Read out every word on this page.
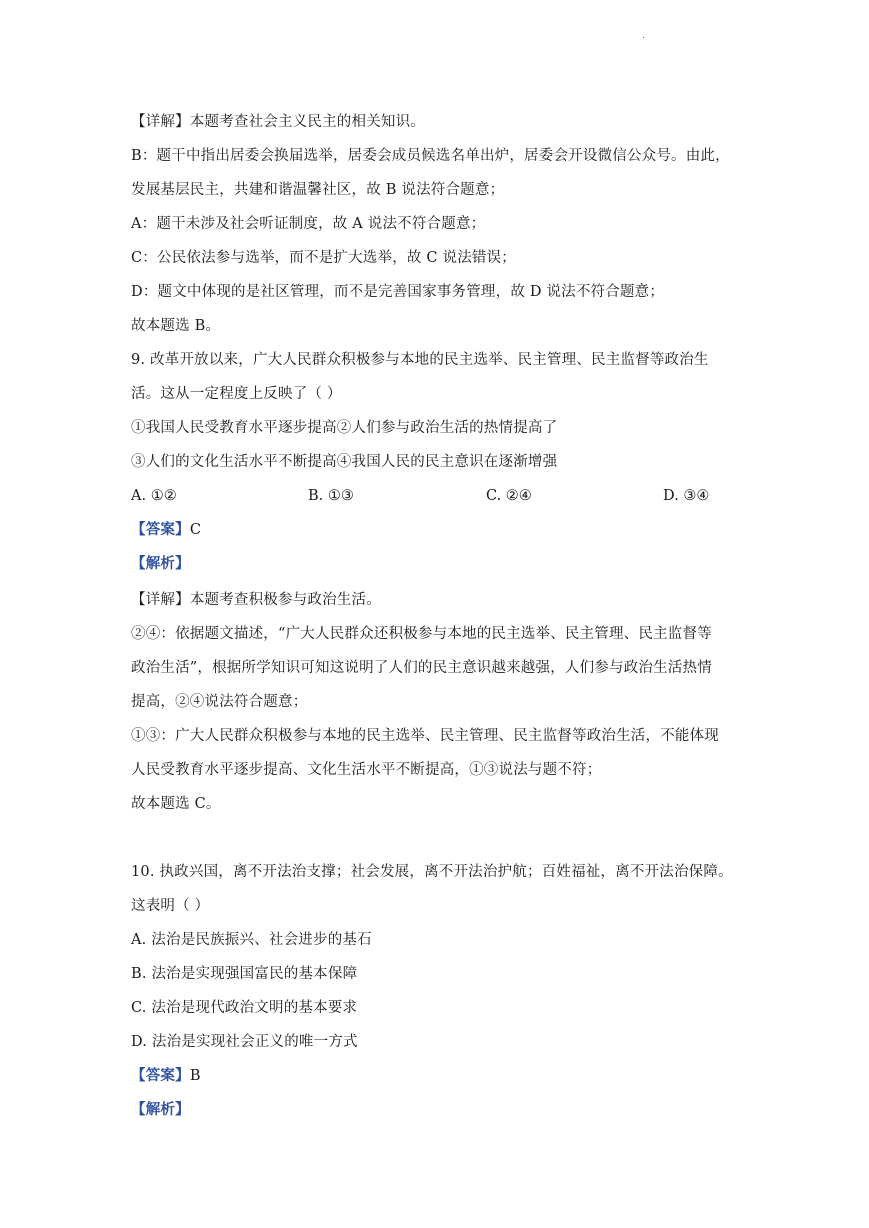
.
【详解】本题考查社会主义民主的相关知识。
B：题干中指出居委会换届选举，居委会成员候选名单出炉，居委会开设微信公众号。由此，
发展基层民主，共建和谐温馨社区，故 B 说法符合题意；
A：题干未涉及社会听证制度，故 A 说法不符合题意；
C：公民依法参与选举，而不是扩大选举，故 C 说法错误；
D：题文中体现的是社区管理，而不是完善国家事务管理，故 D 说法不符合题意；
故本题选 B。
9. 改革开放以来，广大人民群众积极参与本地的民主选举、民主管理、民主监督等政治生
活。这从一定程度上反映了（ ）
①我国人民受教育水平逐步提高②人们参与政治生活的热情提高了
③人们的文化生活水平不断提高④我国人民的民主意识在逐渐增强
A. ①②	B. ①③	C. ②④	D. ③④
【答案】C
【解析】
【详解】本题考查积极参与政治生活。
②④：依据题文描述，“广大人民群众还积极参与本地的民主选举、民主管理、民主监督等
政治生活”，根据所学知识可知这说明了人们的民主意识越来越强，人们参与政治生活热情
提高，②④说法符合题意；
①③：广大人民群众积极参与本地的民主选举、民主管理、民主监督等政治生活，不能体现
人民受教育水平逐步提高、文化生活水平不断提高，①③说法与题不符；
故本题选 C。
10. 执政兴国，离不开法治支撑；社会发展，离不开法治护航；百姓福祉，离不开法治保障。
这表明（ ）
A. 法治是民族振兴、社会进步的基石
B. 法治是实现强国富民的基本保障
C. 法治是现代政治文明的基本要求
D. 法治是实现社会正义的唯一方式
【答案】B
【解析】
